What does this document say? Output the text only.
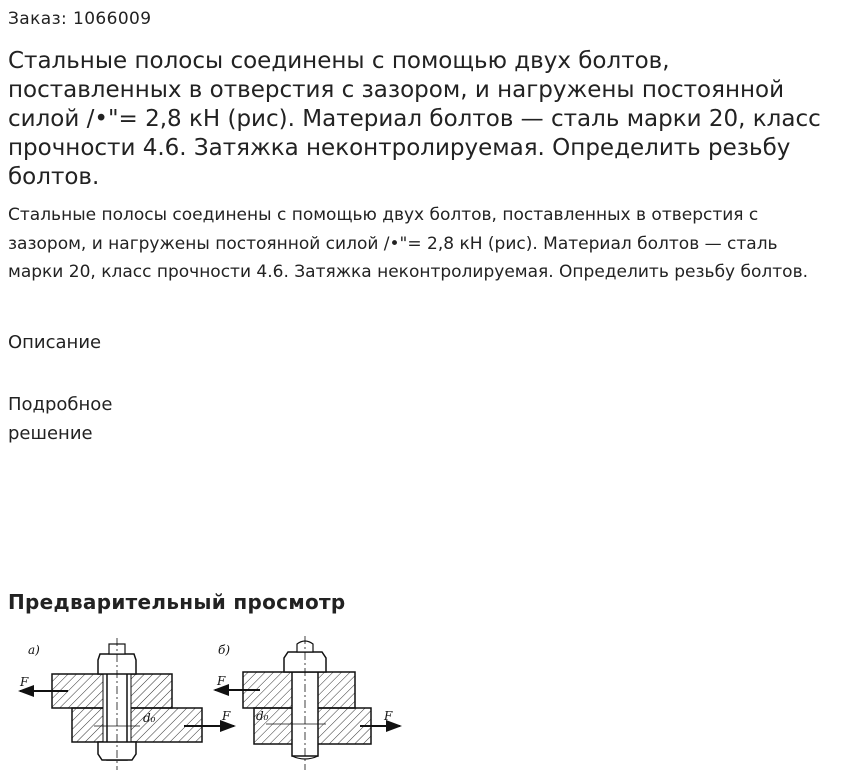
Заказ: 1066009
Стальные полосы соединены с помощью двух болтов, поставленных в отверстия с зазором, и нагружены постоянной силой /•"= 2,8 кН (рис). Материал болтов — сталь марки 20, класс прочности 4.6. Затяжка неконтролируемая. Определить резьбу болтов.

Стальные полосы соединены с помощью двух болтов, поставленных в отверстия с зазором, и нагружены постоянной силой /•"= 2,8 кН (рис). Материал болтов — сталь марки 20, класс прочности 4.6. Затяжка неконтролируемая. Определить резьбу болтов.

Описание
Подробное решение
Предварительный просмотр
а)
F
F
d₀
б)
F
F
d₀
